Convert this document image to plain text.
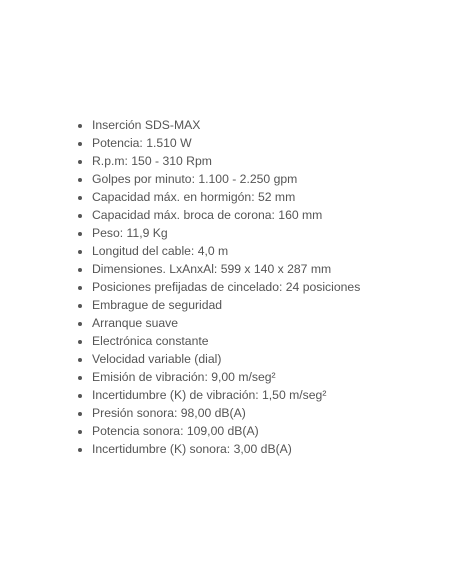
Inserción SDS-MAX
Potencia: 1.510 W
R.p.m: 150 - 310 Rpm
Golpes por minuto: 1.100 - 2.250 gpm
Capacidad máx. en hormigón: 52 mm
Capacidad máx. broca de corona: 160 mm
Peso: 11,9 Kg
Longitud del cable: 4,0 m
Dimensiones. LxAnxAl: 599 x 140 x 287 mm
Posiciones prefijadas de cincelado: 24 posiciones
Embrague de seguridad
Arranque suave
Electrónica constante
Velocidad variable (dial)
Emisión de vibración: 9,00 m/seg²
Incertidumbre (K) de vibración: 1,50 m/seg²
Presión sonora: 98,00 dB(A)
Potencia sonora: 109,00 dB(A)
Incertidumbre (K) sonora: 3,00 dB(A)
